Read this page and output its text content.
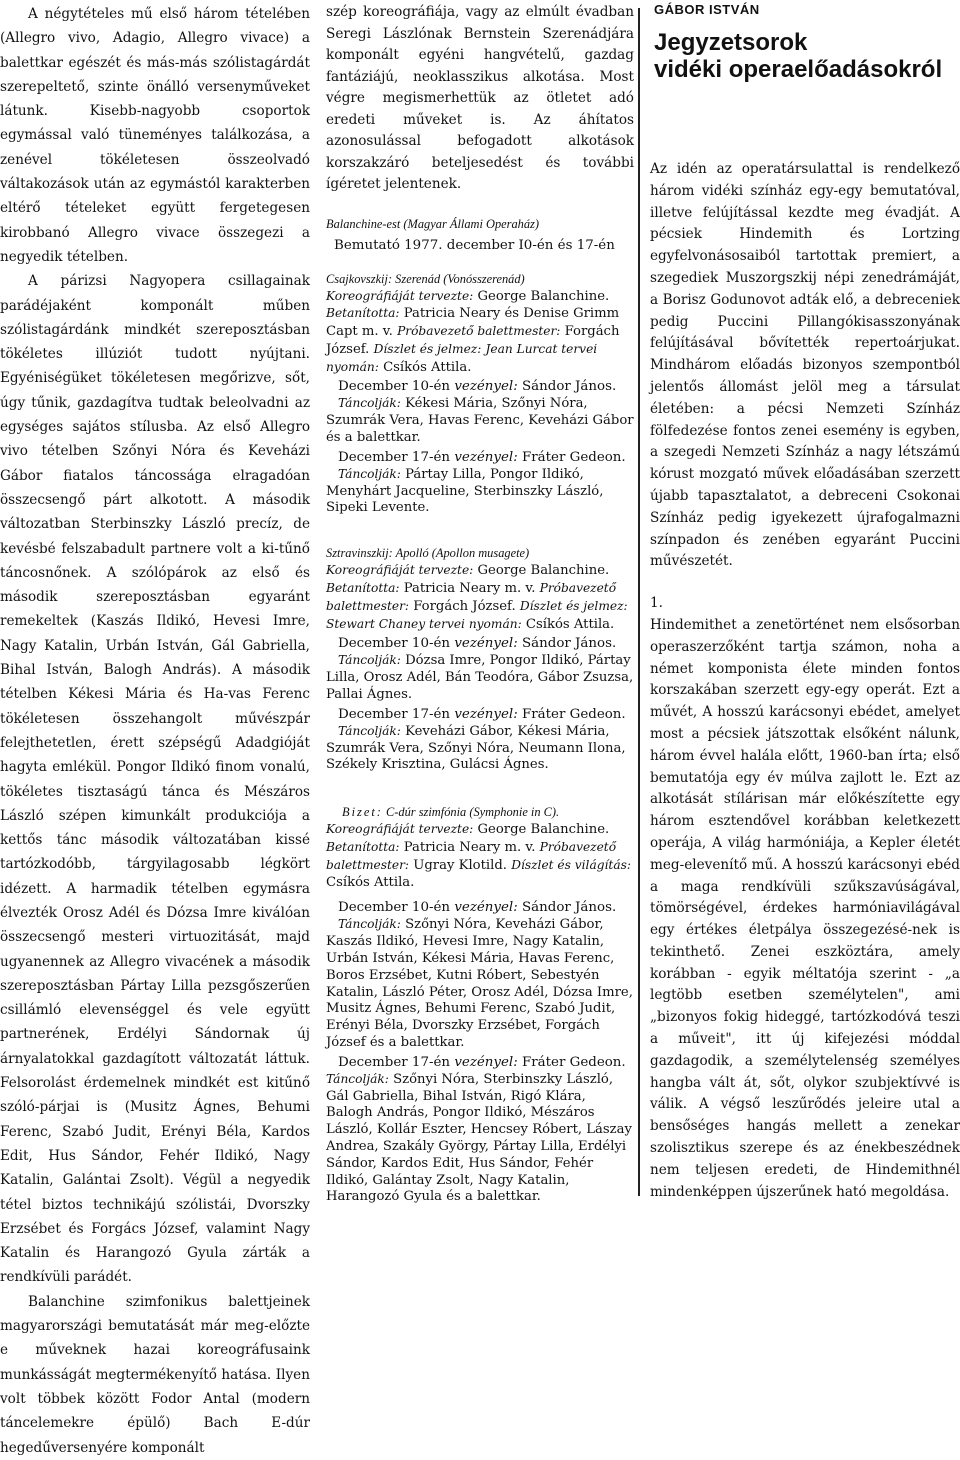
A négytételes mű első három tételében (Allegro vivo, Adagio, Allegro vivace) a balettkar egészét és más-más szólistagárdát szerepeltető, szinte önálló versenyműveket látunk. Kisebb-nagyobb csoportok egymással való tüneményes találkozása, a zenével tökéletesen összeolvadó váltakozások után az egymástól karakterben eltérő tételeket együtt fergetegesen kirobbanó Allegro vivace összegezi a negyedik tételben.

A párizsi Nagyopera csillagainak parádéjaként komponált műben szólistagárdánk mindkét szereposztásban tökéletes illúziót tudott nyújtani. Egyéniségüket tökéletesen megőrizve, sőt, úgy tűnik, gazdagítva tudtak beleolvadni az egységes sajátos stílusba. Az első Allegro vivo tételben Szőnyi Nóra és Keveházi Gábor fiatalos táncossága elragadóan összecsengő párt alkotott. A második változatban Sterbinszky László precíz, de kevésbé felszabadult partnere volt a ki-tűnő táncosnőnek. A szólópárok az első és második szereposztásban egyaránt remekeltek (Kaszás Ildikó, Hevesi Imre, Nagy Katalin, Urbán István, Gál Gabriella, Bihal István, Balogh András). A második tételben Kékesi Mária és Ha-vas Ferenc tökéletesen összehangolt művészpár felejthetetlen, érett szépségű Adadgióját hagyta emlékül. Pongor Ildikó finom vonalú, tökéletes tisztaságú tánca és Mészáros László szépen kimunkált produkciója a kettős tánc második változatában kissé tartózkodóbb, tárgyilagosabb légkört idézett. A harmadik tételben egymásra élvezték Orosz Adél és Dózsa Imre kiválóan összecsengő mesteri virtuozitását, majd ugyanennek az Allegro vivacének a második szereposztásban Pártay Lilla pezsgőszerűen csillámló elevenséggel és vele együtt partnerének, Erdélyi Sándornak új árnyalatokkal gazdagított változatát láttuk. Felsorolást érdemelnek mindkét est kitűnő szóló-párjai is (Musitz Ágnes, Behumi Ferenc, Szabó Judit, Erényi Béla, Kardos Edit, Hus Sándor, Fehér Ildikó, Nagy Katalin, Galántai Zsolt). Végül a negyedik tétel biztos technikájú szólistái, Dvorszky Erzsébet és Forgács József, valamint Nagy Katalin és Harangozó Gyula zárták a rendkívüli parádét.

Balanchine szimfonikus balettjeinek magyarországi bemutatását már meg-előzte e műveknek hazai koreográfusaink munkásságát megtermékenyítő hatása. Ilyen volt többek között Fodor Antal (modern táncelemekre épülő) Bach E-dúr hegedűversenyére komponált

szép koreográfiája, vagy az elmúlt évadban Seregi Lászlónak Bernstein Szerenádjára komponált egyéni hangvételű, gazdag fantáziájú, neoklasszikus alkotása. Most végre megismerhettük az ötletet adó eredeti műveket is. Az áhítatos azonosulással befogadott alkotások korszakzáró beteljesedést és további ígéretet jelentenek.

Balanchine-est (Magyar Állami Operaház)

Bemutató 1977. december I0-én és 17-én

Csajkovszkij: Szerenád (Vonósszerenád)

Koreográfiáját tervezte: George Balanchine.

Betanította: Patricia Neary és Denise Grimm Capt m. v. Próbavezető balettmester: Forgách József. Díszlet és jelmez: Jean Lurcat tervei nyomán: Csíkós Attila.

December 10-én vezényel: Sándor János.

Táncolják: Kékesi Mária, Szőnyi Nóra, Szumrák Vera, Havas Ferenc, Keveházi Gábor és a balettkar.

December 17-én vezényel: Fráter Gedeon.

Táncolják: Pártay Lilla, Pongor Ildikó, Menyhárt Jacqueline, Sterbinszky László, Sipeki Levente.

Sztravinszkij: Apolló (Apollon musagete)

Koreográfiáját tervezte: George Balanchine.

Betanította: Patricia Neary m. v. Próbavezető balettmester: Forgách József. Díszlet és jelmez: Stewart Chaney tervei nyomán: Csíkós Attila.

December 10-én vezényel: Sándor János.

Táncolják: Dózsa Imre, Pongor Ildikó, Pártay Lilla, Orosz Adél, Bán Teodóra, Gábor Zsuzsa, Pallai Ágnes.

December 17-én vezényel: Fráter Gedeon.

Táncolják: Keveházi Gábor, Kékesi Mária, Szumrák Vera, Szőnyi Nóra, Neumann Ilona, Székely Krisztina, Gulácsi Ágnes.

Bizet: C-dúr szimfónia (Symphonie in C).

Koreográfiáját tervezte: George Balanchine.

Betanította: Patricia Neary m. v. Próbavezető balettmester: Ugray Klotild. Díszlet és világítás: Csíkós Attila.

December 10-én vezényel: Sándor János.

Táncolják: Szőnyi Nóra, Keveházi Gábor, Kaszás Ildikó, Hevesi Imre, Nagy Katalin, Urbán István, Kékesi Mária, Havas Ferenc, Boros Erzsébet, Kutni Róbert, Sebestyén Katalin, László Péter, Orosz Adél, Dózsa Imre, Musitz Ágnes, Behumi Ferenc, Szabó Judit, Erényi Béla, Dvorszky Erzsébet, Forgách József és a balettkar.

December 17-én vezényel: Fráter Gedeon.

Táncolják: Szőnyi Nóra, Sterbinszky László, Gál Gabriella, Bihal István, Rigó Klára, Balogh András, Pongor Ildikó, Mészáros László, Kollár Eszter, Hencsey Róbert, Lászay Andrea, Szakály György, Pártay Lilla, Erdélyi Sándor, Kardos Edit, Hus Sándor, Fehér Ildikó, Galántay Zsolt, Nagy Katalin, Harangozó Gyula és a balettkar.

GÁBOR ISTVÁN

Jegyzetsorok
vidéki operaelőadásokról

Az idén az operatársulattal is rendelkező három vidéki színház egy-egy bemutatóval, illetve felújítással kezdte meg évadját. A pécsiek Hindemith és Lortzing egyfelvonásosaiból tartottak premiert, a szegediek Muszorgszkij népi zenedrámáját, a Borisz Godunovot adták elő, a debreceniek pedig Puccini Pillangókisasszonyának felújításával bővítették repertoárjukat. Mindhárom előadás bizonyos szempontból jelentős állomást jelöl meg a társulat életében: a pécsi Nemzeti Színház fölfedezése fontos zenei esemény is egyben, a szegedi Nemzeti Színház a nagy létszámú kórust mozgató művek előadásában szerzett újabb tapasztalatot, a debreceni Csokonai Színház pedig igyekezett újrafogalmazni színpadon és zenében egyaránt Puccini művészetét.

1.

Hindemithet a zenetörténet nem elsősorban operaszerzőként tartja számon, noha a német komponista élete minden fontos korszakában szerzett egy-egy operát. Ezt a művét, A hosszú karácsonyi ebédet, amelyet most a pécsiek játszottak elsőként nálunk, három évvel halála előtt, 1960-ban írta; első bemutatója egy év múlva zajlott le. Ezt az alkotását stílárisan már előkészítette egy három esztendővel korábban keletkezett operája, A világ harmóniája, a Kepler életét meg-elevenítő mű. A hosszú karácsonyi ebéd a maga rendkívüli szűkszavúságával, tömörségével, érdekes harmóniavilágával egy értékes életpálya összegezésé-nek is tekinthető. Zenei eszköztára, amely korábban - egyik méltatója szerint - „a legtöbb esetben személytelen", ami „bizonyos fokig hideggé, tartózkodóvá teszi a műveit", itt új kifejezési móddal gazdagodik, a személytelenség személyes hangba vált át, sőt, olykor szubjektívvé is válik. A végső leszűrődés jeleire utal a bensőséges hangás mellett a zenekar szolisztikus szerepe és az énekbeszédnek nem teljesen eredeti, de Hindemithnél mindenképpen újszerűnek ható megoldása.
